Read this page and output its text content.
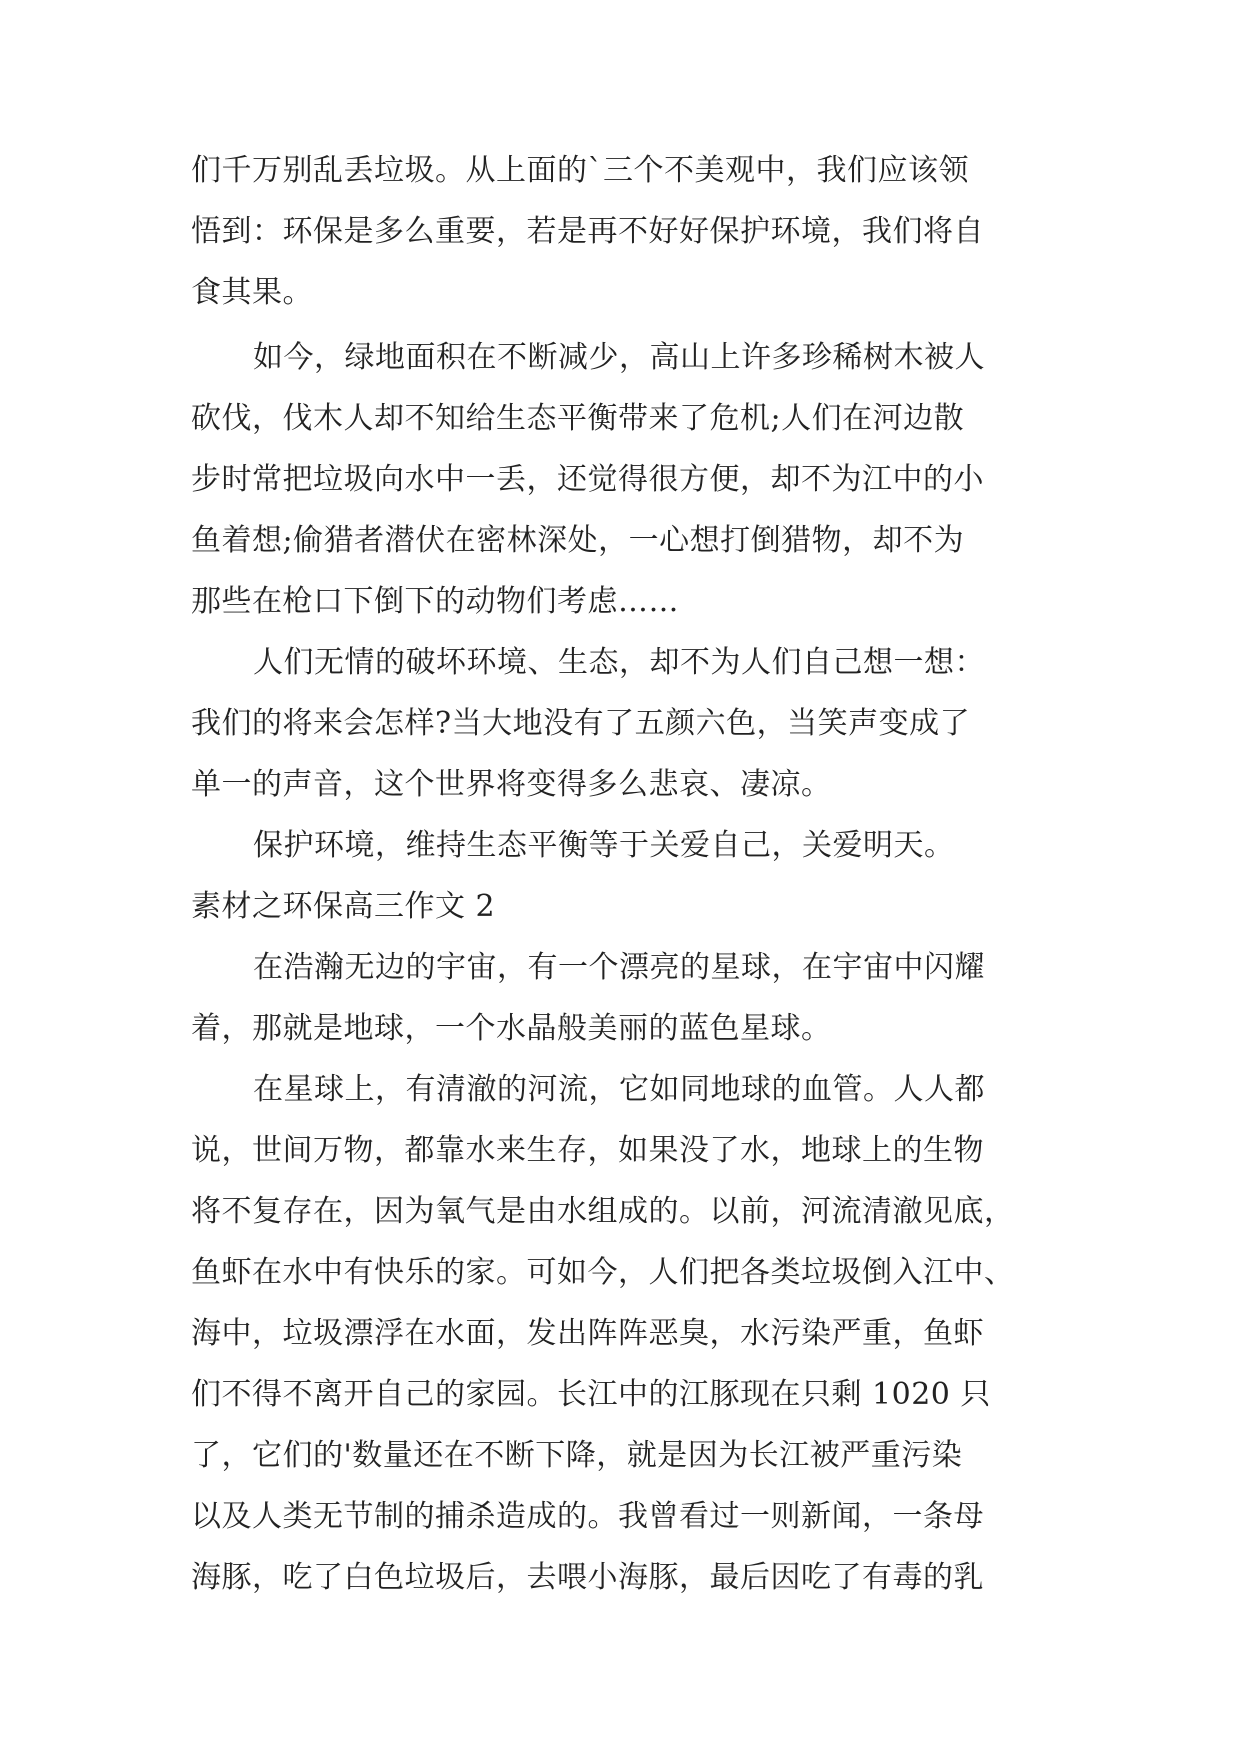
们千万别乱丢垃圾。从上面的`三个不美观中，我们应该领
悟到：环保是多么重要，若是再不好好保护环境，我们将自
食其果。
如今，绿地面积在不断减少，高山上许多珍稀树木被人
砍伐，伐木人却不知给生态平衡带来了危机;人们在河边散
步时常把垃圾向水中一丢，还觉得很方便，却不为江中的小
鱼着想;偷猎者潜伏在密林深处，一心想打倒猎物，却不为
那些在枪口下倒下的动物们考虑……
人们无情的破坏环境、生态，却不为人们自己想一想：
我们的将来会怎样?当大地没有了五颜六色，当笑声变成了
单一的声音，这个世界将变得多么悲哀、凄凉。
保护环境，维持生态平衡等于关爱自己，关爱明天。
素材之环保高三作文 2
在浩瀚无边的宇宙，有一个漂亮的星球，在宇宙中闪耀
着，那就是地球，一个水晶般美丽的蓝色星球。
在星球上，有清澈的河流，它如同地球的血管。人人都
说，世间万物，都靠水来生存，如果没了水，地球上的生物
将不复存在，因为氧气是由水组成的。以前，河流清澈见底，
鱼虾在水中有快乐的家。可如今，人们把各类垃圾倒入江中、
海中，垃圾漂浮在水面，发出阵阵恶臭，水污染严重，鱼虾
们不得不离开自己的家园。长江中的江豚现在只剩 1020 只
了，它们的'数量还在不断下降，就是因为长江被严重污染
以及人类无节制的捕杀造成的。我曾看过一则新闻，一条母
海豚，吃了白色垃圾后，去喂小海豚，最后因吃了有毒的乳
